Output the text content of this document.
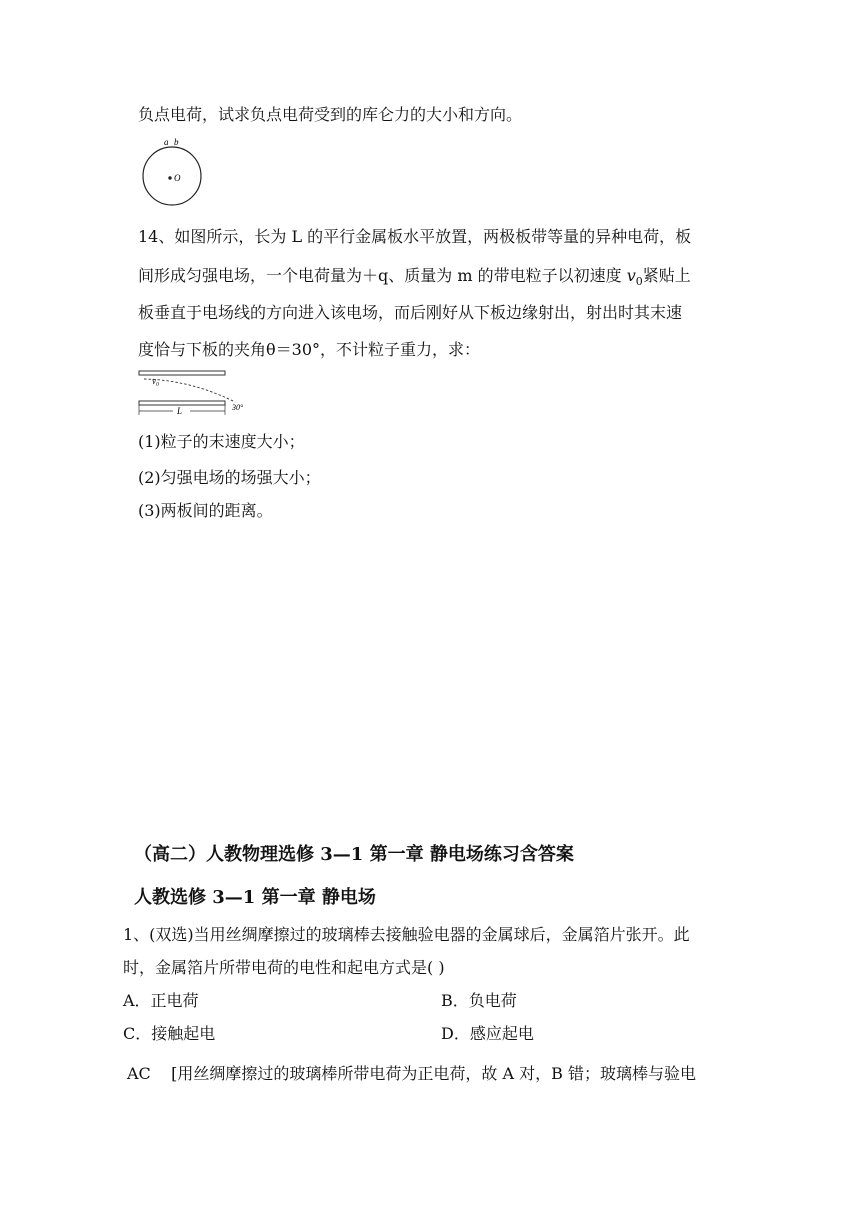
负点电荷，试求负点电荷受到的库仑力的大小和方向。
a b
O
14、如图所示，长为 L 的平行金属板水平放置，两极板带等量的异种电荷，板
间形成匀强电场，一个电荷量为＋q、质量为 m 的带电粒子以初速度 $v_0$紧贴上
板垂直于电场线的方向进入该电场，而后刚好从下板边缘射出，射出时其末速
度恰与下板的夹角θ＝30°，不计粒子重力，求：
v₀
L	30°
(1)粒子的末速度大小；
(2)匀强电场的场强大小；
(3)两板间的距离。
（高二）人教物理选修 3—1 第一章 静电场练习含答案
人教选修 3—1 第一章 静电场
1、(双选)当用丝绸摩擦过的玻璃棒去接触验电器的金属球后，金属箔片张开。此
时，金属箔片所带电荷的电性和起电方式是( )
A．正电荷	B．负电荷
C．接触起电	D．感应起电
AC    [用丝绸摩擦过的玻璃棒所带电荷为正电荷，故 A 对，B 错；玻璃棒与验电
